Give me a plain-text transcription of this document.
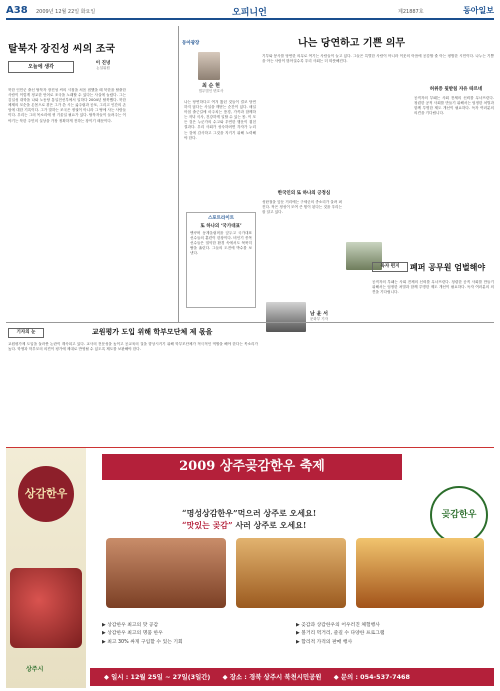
A38 2009년 12월 22일 화요일	오피니언	제21887호	동아일보
탈북자 장진성 씨의 조국
오늘에 생각
이 진녕
논설위원
북한 인민군 출신 탈북자 장진성 씨의 시집을 처음 접했을 때 북한을 탈출한 사람이 이렇게 정교한 언어로 조국을 노래할 수 있다는 사실에 놀랐다. 그는 김일성 대학을 나와 노동당 통일전선부에서 일하다 2004년 탈북했다. 북한 체제의 모순을 온몸으로 겪은 그가 쓴 시는 굶주림과 공포, 그리고 인간의 존엄에 대한 기록이다. 그가 말하는 조국은 정권이 아니라 그 땅에 사는 사람들이다. 우리는 그의 목소리에 귀 기울일 필요가 있다. 탈북자들이 들려주는 이야기는 북한 주민의 실상을 가장 정확하게 전하는 창이기 때문이다.
동아광장
최 순 현
법무법인 변호사
나는 당연하다고 여겨 왔던 것들이 결코 당연하지 않다는 사실을 깨닫는 순간이 있다. 매일 아침 출근길에 마주치는 풍경, 가족과 함께하는 저녁 식사, 건강하게 일할 수 있는 몸. 이 모든 것은 누군가의 수고와 우연한 행운이 겹친 결과다. 우리 사회가 성숙하려면 각자가 누리는 것에 감사하고 그것을 지키기 위해 노력해야 한다.
나는 당연하고 기쁜 의무
기부와 봉사를 당연한 의무로 여기는 사람들이 늘고 있다. 그들은 특별한 사람이 아니라 이웃의 아픔에 공감할 줄 아는 평범한 시민이다. 나누는 기쁨을 아는 사람이 많아질수록 우리 사회는 더 따뜻해진다.
한국인의 또 하나의 긍정심
스포트라이트
또 하나의 ‘국가대표’
밴쿠버 동계올림픽을 앞두고 국가대표 선수들의 훈련이 한창이다. 비인기 종목 선수들은 열악한 환경 속에서도 묵묵히 땀을 흘린다. 그들의 도전에 박수를 보낸다.
성탄절을 앞둔 거리에는 구세군의 종소리가 울려 퍼진다. 작은 정성이 모여 큰 힘이 된다는 것을 우리는 잘 알고 있다.
남 윤 서
문화부 기자
허위증 뒷받침 자유 따르네
공직자의 부패는 사회 전체의 신뢰를 무너뜨린다. 청렴한 공직 사회를 만들기 위해서는 엄정한 처벌과 함께 투명한 제도 개선이 필요하다. 독자 여러분의 의견을 기다립니다.
독자 편지	폐퍼 공무원 엄벌해야
공직자의 부패는 사회 전체의 신뢰를 무너뜨린다. 청렴한 공직 사회를 만들기 위해서는 엄정한 처벌과 함께 투명한 제도 개선이 필요하다. 독자 여러분의 의견을 기다립니다.
기자의 눈	교원평가 도입 위해 학부모단체 제 몫을
교원평가제 도입을 둘러싼 논란이 계속되고 있다. 교사의 전문성을 높이고 공교육의 질을 향상시키기 위해 학부모단체가 적극적인 역할을 해야 한다는 목소리가 높다. 학생과 학부모의 의견이 평가에 제대로 반영될 수 있도록 제도를 보완해야 한다.
상감한우
상주시
2009 상주곶감한우 축제
“명성상감한우”먹으러 상주로 오세요!
“맛있는 곶감” 사러 상주로 오세요!
곶감한우
▶ 상감한우 최고의 맛 공감
▶ 상감한우 최고의 명품 한우
▶ 최고 30% 싸게 구입할 수 있는 기회
▶ 곶감과 상감한우의 어우러진 체험행사
▶ 볼거리 먹거리, 즐길 수 다양한 프로그램
▶ 합리적 가격의 판매 행사
◆ 일시 : 12월 25일 ~ 27일(3일간) ◆ 장소 : 경북 상주시 북천시민공원 ◆ 문의 : 054-537-7468
